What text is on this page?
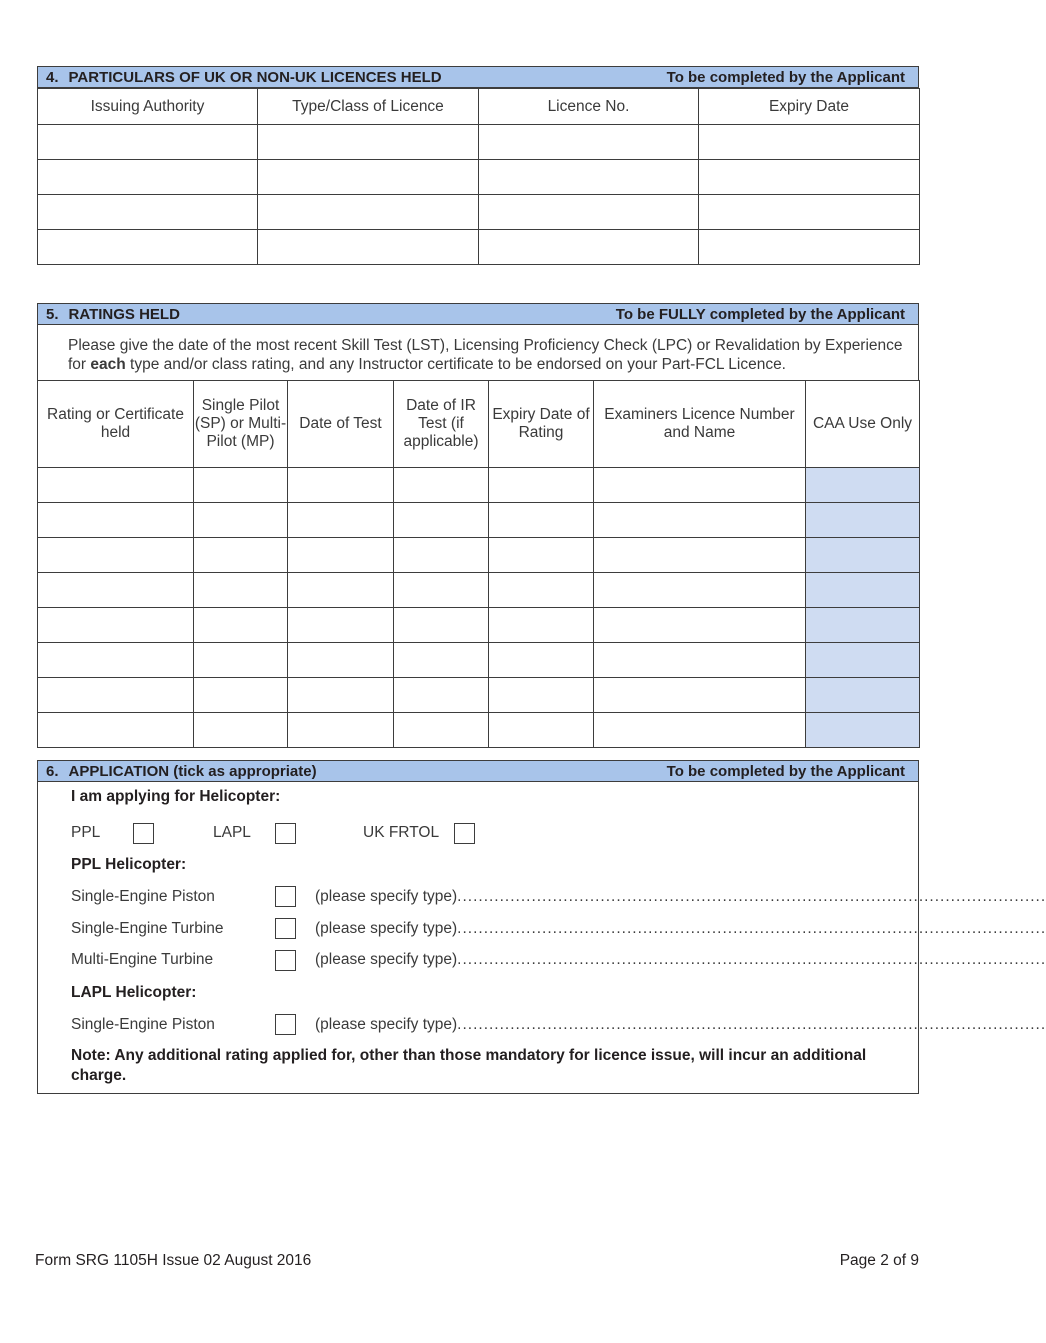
4. PARTICULARS OF UK OR NON-UK LICENCES HELD	To be completed by the Applicant
Issuing Authority	Type/Class of Licence	Licence No.	Expiry Date

5. RATINGS HELD	To be FULLY completed by the Applicant
Please give the date of the most recent Skill Test (LST), Licensing Proficiency Check (LPC) or Revalidation by Experience for each type and/or class rating, and any Instructor certificate to be endorsed on your Part-FCL Licence.
Rating or Certificate held	Single Pilot (SP) or Multi-Pilot (MP)	Date of Test	Date of IR Test (if applicable)	Expiry Date of Rating	Examiners Licence Number and Name	CAA Use Only

6. APPLICATION (tick as appropriate)	To be completed by the Applicant
I am applying for Helicopter:
PPL	LAPL	UK FRTOL
PPL Helicopter:
Single-Engine Piston	(please specify type)...............................................................................................................
Single-Engine Turbine	(please specify type)...............................................................................................................
Multi-Engine Turbine	(please specify type)...............................................................................................................
LAPL Helicopter:
Single-Engine Piston	(please specify type)...............................................................................................................
Note: Any additional rating applied for, other than those mandatory for licence issue, will incur an additional charge.
Form SRG 1105H Issue 02 August 2016	Page 2 of 9
